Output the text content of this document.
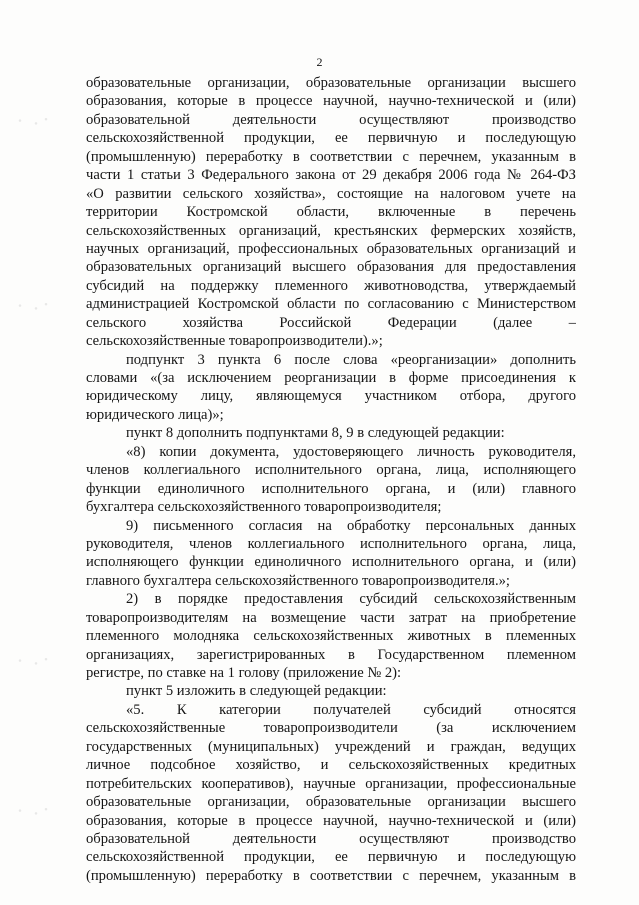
2
образовательные организации, образовательные организации высшего
образования, которые в процессе научной, научно-технической и (или)
образовательной деятельности осуществляют производство
сельскохозяйственной продукции, ее первичную и последующую
(промышленную) переработку в соответствии с перечнем, указанным в
части 1 статьи 3 Федерального закона от 29 декабря 2006 года № 264-ФЗ
«О развитии сельского хозяйства», состоящие на налоговом учете на
территории Костромской области, включенные в перечень
сельскохозяйственных организаций, крестьянских фермерских хозяйств,
научных организаций, профессиональных образовательных организаций и
образовательных организаций высшего образования для предоставления
субсидий на поддержку племенного животноводства, утверждаемый
администрацией Костромской области по согласованию с Министерством
сельского хозяйства Российской Федерации (далее –
сельскохозяйственные товаропроизводители).»;
подпункт 3 пункта 6 после слова «реорганизации» дополнить
словами «(за исключением реорганизации в форме присоединения к
юридическому лицу, являющемуся участником отбора, другого
юридического лица)»;
пункт 8 дополнить подпунктами 8, 9 в следующей редакции:
«8) копии документа, удостоверяющего личность руководителя,
членов коллегиального исполнительного органа, лица, исполняющего
функции единоличного исполнительного органа, и (или) главного
бухгалтера сельскохозяйственного товаропроизводителя;
9) письменного согласия на обработку персональных данных
руководителя, членов коллегиального исполнительного органа, лица,
исполняющего функции единоличного исполнительного органа, и (или)
главного бухгалтера сельскохозяйственного товаропроизводителя.»;
2) в порядке предоставления субсидий сельскохозяйственным
товаропроизводителям на возмещение части затрат на приобретение
племенного молодняка сельскохозяйственных животных в племенных
организациях, зарегистрированных в Государственном племенном
регистре, по ставке на 1 голову (приложение № 2):
пункт 5 изложить в следующей редакции:
«5. К категории получателей субсидий относятся
сельскохозяйственные товаропроизводители (за исключением
государственных (муниципальных) учреждений и граждан, ведущих
личное подсобное хозяйство, и сельскохозяйственных кредитных
потребительских кооперативов), научные организации, профессиональные
образовательные организации, образовательные организации высшего
образования, которые в процессе научной, научно-технической и (или)
образовательной деятельности осуществляют производство
сельскохозяйственной продукции, ее первичную и последующую
(промышленную) переработку в соответствии с перечнем, указанным в
